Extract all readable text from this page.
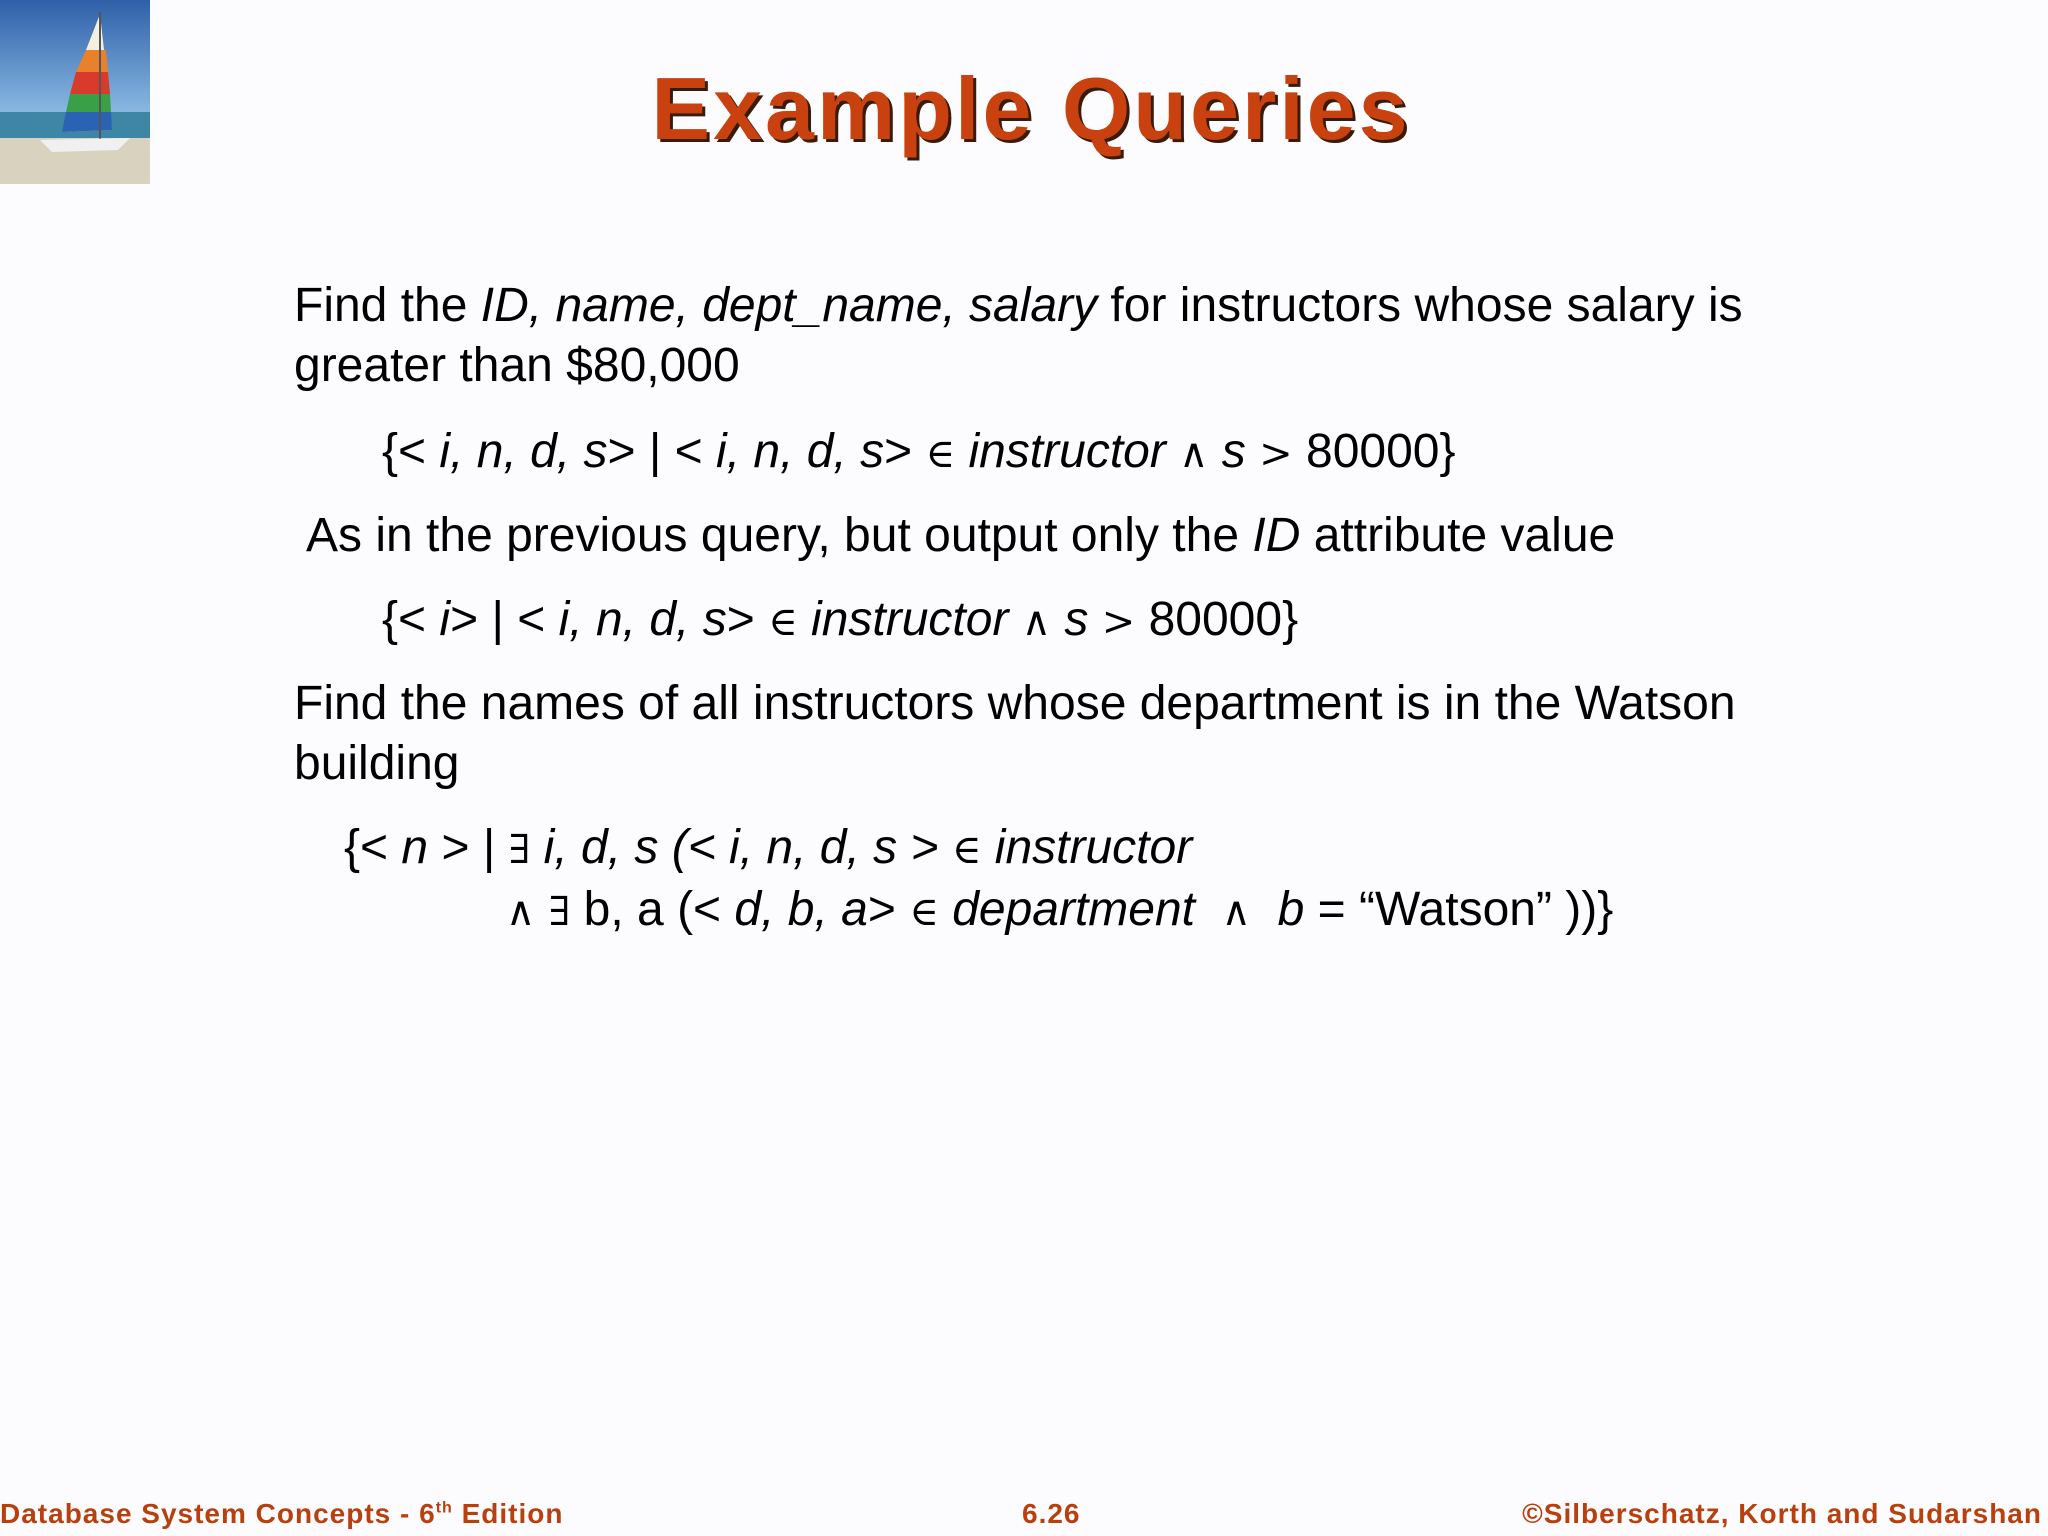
Example Queries
Find the ID, name, dept_name, salary for instructors whose salary is
greater than $80,000
{< i, n, d, s> | < i, n, d, s> ∈ instructor ∧ s > 80000}
As in the previous query, but output only the ID attribute value
{< i> | < i, n, d, s> ∈ instructor ∧ s > 80000}
Find the names of all instructors whose department is in the Watson
building
{< n > | ∃ i, d, s (< i, n, d, s > ∈ instructor
∧ ∃ b, a (< d, b, a> ∈ department ∧ b = “Watson” ))}
Database System Concepts - 6th Edition	6.26	©Silberschatz, Korth and Sudarshan
